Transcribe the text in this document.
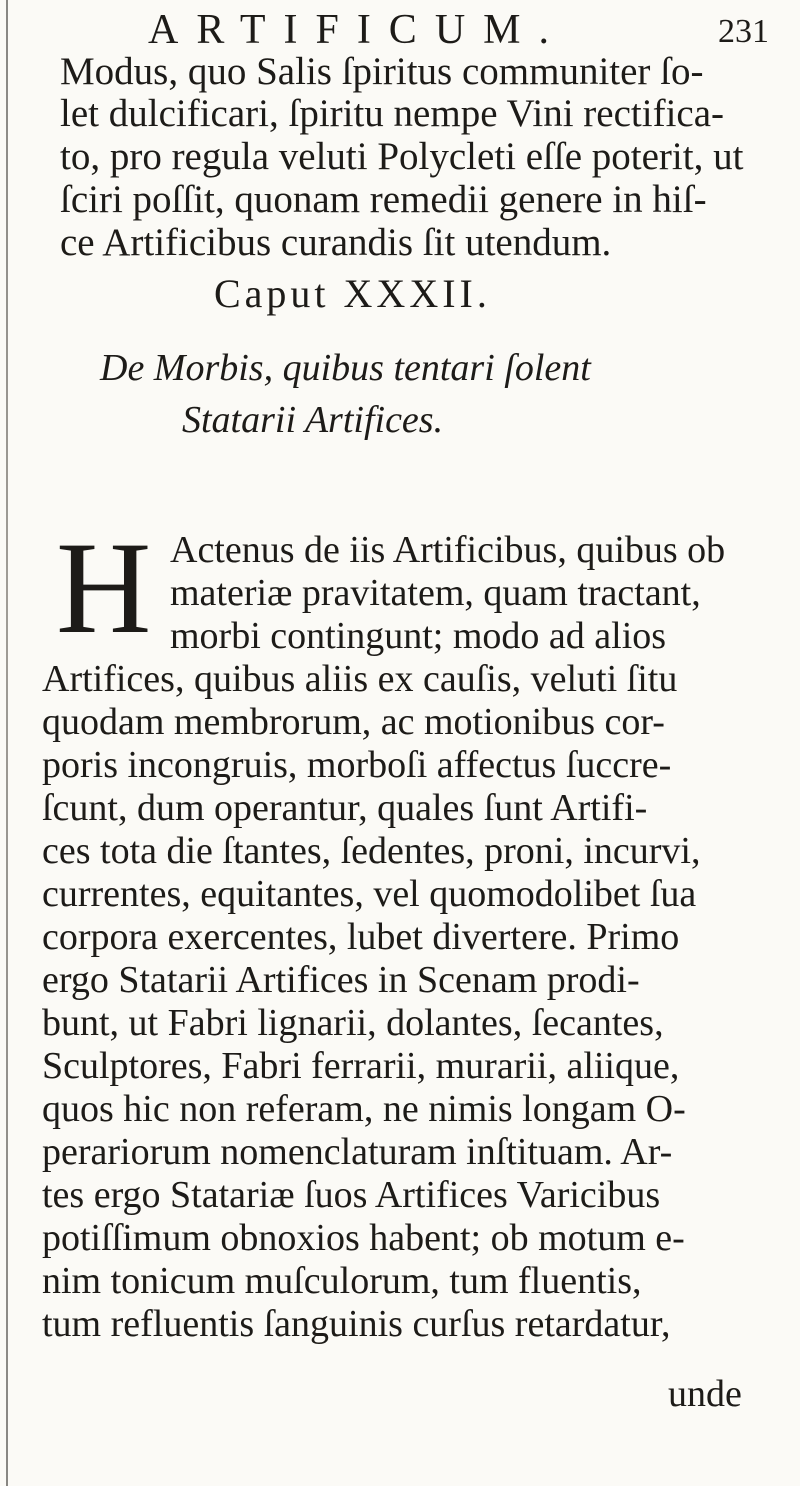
ARTIFICUM.	231
Modus, quo Salis ſpiritus communiter ſo-
let dulcificari, ſpiritu nempe Vini rectifica-
to, pro regula veluti Polycleti eſſe poterit, ut
ſciri poſſit, quonam remedii genere in hiſ-
ce Artificibus curandis ſit utendum.
Caput XXXII.
De Morbis, quibus tentari ſolent
Statarii Artifices.
H Actenus de iis Artificibus, quibus ob
materiæ pravitatem, quam tractant,
morbi contingunt; modo ad alios
Artifices, quibus aliis ex cauſis, veluti ſitu
quodam membrorum, ac motionibus cor-
poris incongruis, morboſi affectus ſuccre-
ſcunt, dum operantur, quales ſunt Artifi-
ces tota die ſtantes, ſedentes, proni, incurvi,
currentes, equitantes, vel quomodolibet ſua
corpora exercentes, lubet divertere. Primo
ergo Statarii Artifices in Scenam prodi-
bunt, ut Fabri lignarii, dolantes, ſecantes,
Sculptores, Fabri ferrarii, murarii, aliique,
quos hic non referam, ne nimis longam O-
perariorum nomenclaturam inſtituam. Ar-
tes ergo Statariæ ſuos Artifices Varicibus
potiſſimum obnoxios habent; ob motum e-
nim tonicum muſculorum, tum fluentis,
tum refluentis ſanguinis curſus retardatur,
unde
